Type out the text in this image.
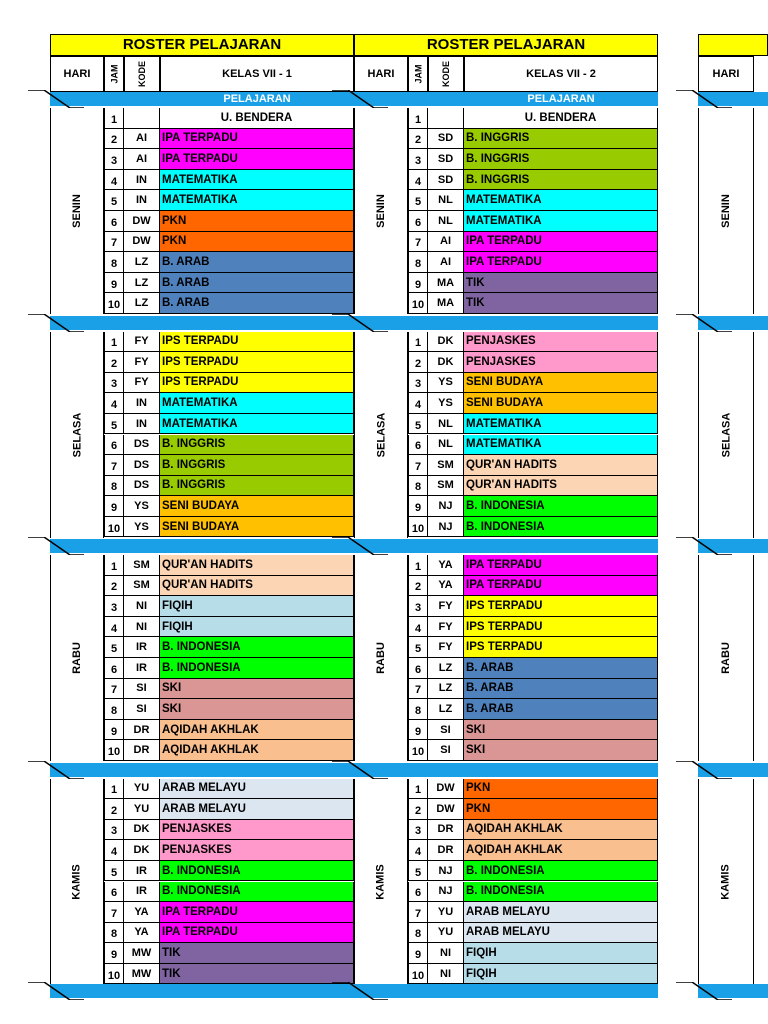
ROSTER PELAJARAN
HARI JAM KODE	KELAS VII - 1
PELAJARAN
SENIN
1	U. BENDERA
2	AI	IPA TERPADU
3	AI	IPA TERPADU
4	IN	MATEMATIKA
5	IN	MATEMATIKA
6	DW PKN
7	DW PKN
8	LZ	B. ARAB
9	LZ	B. ARAB
10	LZ	B. ARAB
SELASA
1	FY	IPS TERPADU
2	FY	IPS TERPADU
3	FY	IPS TERPADU
4	IN	MATEMATIKA
5	IN	MATEMATIKA
6	DS	B. INGGRIS
7	DS	B. INGGRIS
8	DS	B. INGGRIS
9	YS	SENI BUDAYA
10	YS	SENI BUDAYA
RABU
1	SM	QUR'AN HADITS
2	SM	QUR'AN HADITS
3	NI	FIQIH
4	NI	FIQIH
5	IR	B. INDONESIA
6	IR	B. INDONESIA
7	SI	SKI
8	SI	SKI
9	DR	AQIDAH AKHLAK
10	DR	AQIDAH AKHLAK
KAMIS
1	YU	ARAB MELAYU
2	YU	ARAB MELAYU
3	DK	PENJASKES
4	DK	PENJASKES
5	IR	B. INDONESIA
6	IR	B. INDONESIA
7	YA	IPA TERPADU
8	YA	IPA TERPADU
9	MW TIK
10	MW TIK
ROSTER PELAJARAN
HARI JAM KODE	KELAS VII - 2
PELAJARAN
SENIN
1	U. BENDERA
2	SD	B. INGGRIS
3	SD	B. INGGRIS
4	SD	B. INGGRIS
5	NL	MATEMATIKA
6	NL	MATEMATIKA
7	AI	IPA TERPADU
8	AI	IPA TERPADU
9	MA	TIK
10	MA	TIK
SELASA
1	DK	PENJASKES
2	DK	PENJASKES
3	YS	SENI BUDAYA
4	YS	SENI BUDAYA
5	NL	MATEMATIKA
6	NL	MATEMATIKA
7	SM	QUR'AN HADITS
8	SM	QUR'AN HADITS
9	NJ	B. INDONESIA
10	NJ	B. INDONESIA
RABU
1	YA	IPA TERPADU
2	YA	IPA TERPADU
3	FY	IPS TERPADU
4	FY	IPS TERPADU
5	FY	IPS TERPADU
6	LZ	B. ARAB
7	LZ	B. ARAB
8	LZ	B. ARAB
9	SI	SKI
10	SI	SKI
KAMIS
1	DW PKN
2	DW PKN
3	DR	AQIDAH AKHLAK
4	DR	AQIDAH AKHLAK
5	NJ	B. INDONESIA
6	NJ	B. INDONESIA
7	YU	ARAB MELAYU
8	YU	ARAB MELAYU
9	NI	FIQIH
10	NI	FIQIH
HARI
SENIN
SELASA
RABU
KAMIS
